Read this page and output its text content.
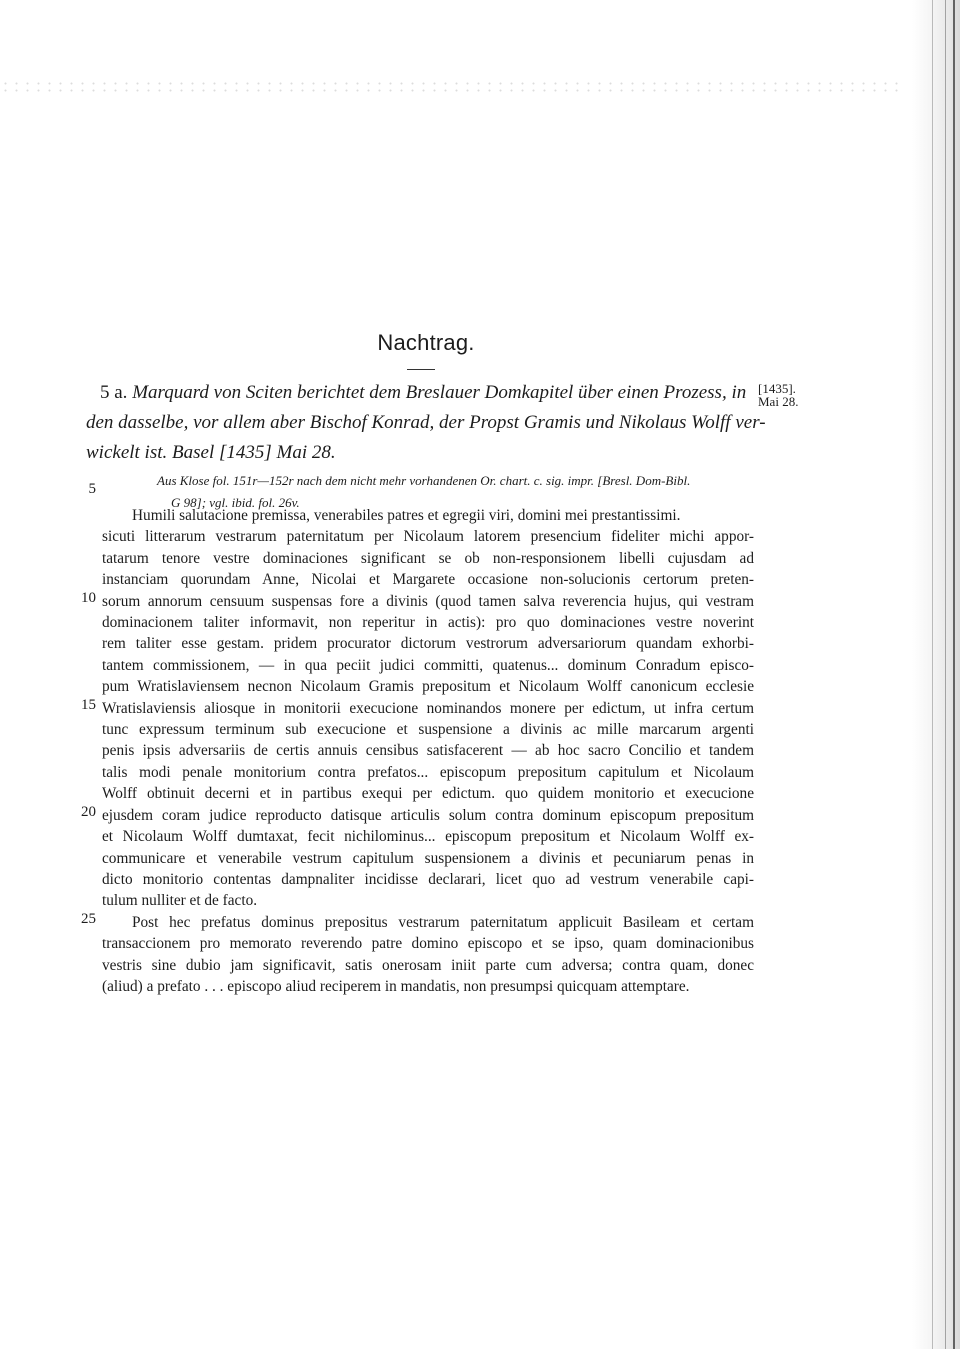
Nachtrag.
5 a. Marquard von Sciten berichtet dem Breslauer Domkapitel über einen Prozess, in
den dasselbe, vor allem aber Bischof Konrad, der Propst Gramis und Nikolaus Wolff ver-
wickelt ist. Basel [1435] Mai 28.
[1435].
Mai 28.
Aus Klose fol. 151r—152r nach dem nicht mehr vorhandenen Or. chart. c. sig. impr. [Bresl. Dom-Bibl.
G 98]; vgl. ibid. fol. 26v.
5
10
15
20
25
Humili salutacione premissa, venerabiles patres et egregii viri, domini mei prestantissimi.
sicuti litterarum vestrarum paternitatum per Nicolaum latorem presencium fideliter michi appor-
tatarum tenore vestre dominaciones significant se ob non-responsionem libelli cujusdam ad
instanciam quorundam Anne, Nicolai et Margarete occasione non-solucionis certorum preten-
sorum annorum censuum suspensas fore a divinis (quod tamen salva reverencia hujus, qui vestram
dominacionem taliter informavit, non reperitur in actis): pro quo dominaciones vestre noverint
rem taliter esse gestam. pridem procurator dictorum vestrorum adversariorum quandam exhorbi-
tantem commissionem, — in qua peciit judici committi, quatenus... dominum Conradum episco-
pum Wratislaviensem necnon Nicolaum Gramis prepositum et Nicolaum Wolff canonicum ecclesie
Wratislaviensis aliosque in monitorii execucione nominandos monere per edictum, ut infra certum
tunc expressum terminum sub execucione et suspensione a divinis ac mille marcarum argenti
penis ipsis adversariis de certis annuis censibus satisfacerent — ab hoc sacro Concilio et tandem
talis modi penale monitorium contra prefatos... episcopum prepositum capitulum et Nicolaum
Wolff obtinuit decerni et in partibus exequi per edictum. quo quidem monitorio et execucione
ejusdem coram judice reproducto datisque articulis solum contra dominum episcopum prepositum
et Nicolaum Wolff dumtaxat, fecit nichilominus... episcopum prepositum et Nicolaum Wolff ex-
communicare et venerabile vestrum capitulum suspensionem a divinis et pecuniarum penas in
dicto monitorio contentas dampnaliter incidisse declarari, licet quo ad vestrum venerabile capi-
tulum nulliter et de facto.
Post hec prefatus dominus prepositus vestrarum paternitatum applicuit Basileam et certam
transaccionem pro memorato reverendo patre domino episcopo et se ipso, quam dominacionibus
vestris sine dubio jam significavit, satis onerosam iniit parte cum adversa; contra quam, donec
(aliud) a prefato . . . episcopo aliud reciperem in mandatis, non presumpsi quicquam attemptare.
